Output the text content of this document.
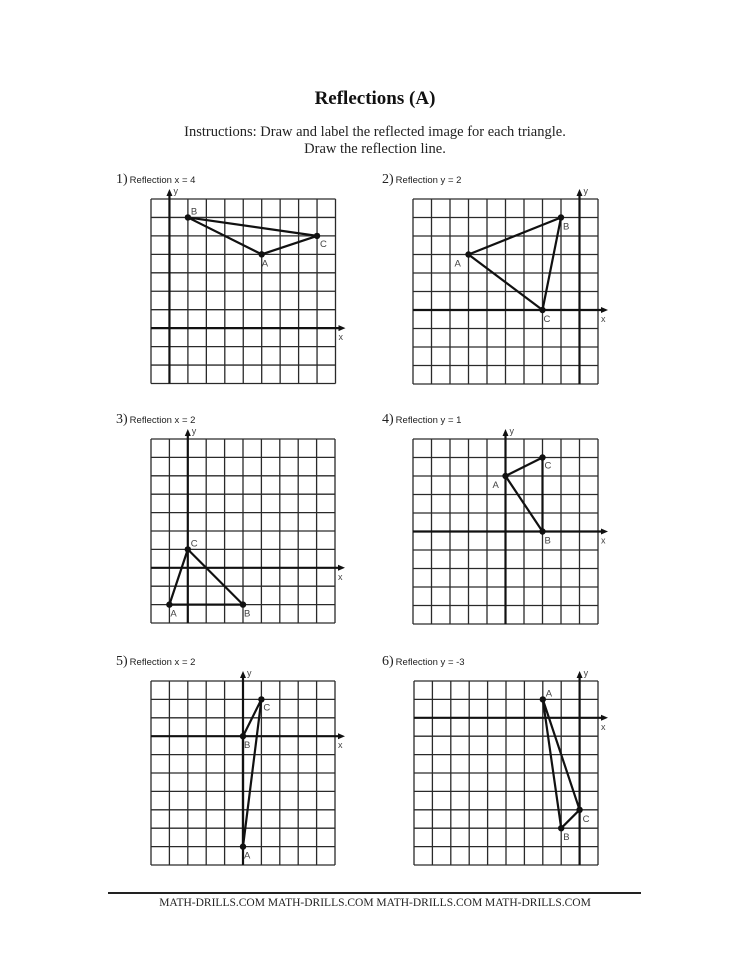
Reflections (A)
Instructions: Draw and label the reflected image for each triangle.
Draw the reflection line.
1) Reflection x = 4
x
y
A
B
C
2) Reflection y = 2
x
y
A
B
C
3) Reflection x = 2
x
y
A	B
C
4) Reflection y = 1
x
y
A
B
C
5) Reflection x = 2
x
y
A
B
C
6) Reflection y = -3
x
y
A
B
C
MATH-DRILLS.COM MATH-DRILLS.COM MATH-DRILLS.COM MATH-DRILLS.COM
